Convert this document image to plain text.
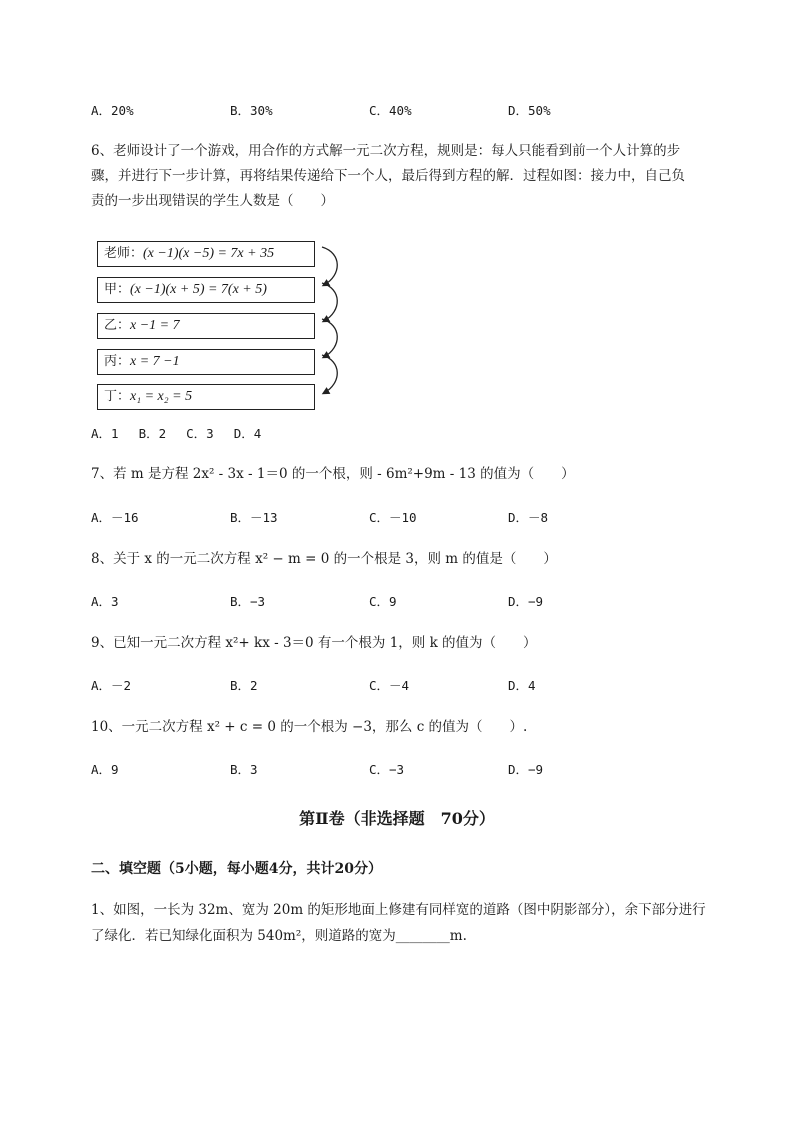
A．20%	B．30%	C．40%	D．50%
6、老师设计了一个游戏，用合作的方式解一元二次方程，规则是：每人只能看到前一个人计算的步
骤，并进行下一步计算，再将结果传递给下一个人，最后得到方程的解．过程如图：接力中，自己负
责的一步出现错误的学生人数是（　　）
老师：(x −1)(x −5) = 7x + 35
甲：(x −1)(x + 5) = 7(x + 5)
乙：x −1 = 7
丙：x = 7 −1
丁：x₁ = x₂ = 5
A．1　 B．2　 C．3　 D．4
7、若 m 是方程 2x² - 3x - 1＝0 的一个根，则 - 6m²+9m - 13 的值为（　　）
A．－16	B．－13	C．－10	D．－8
8、关于 x 的一元二次方程 x² − m = 0 的一个根是 3，则 m 的值是（　　）
A．3	B．−3	C．9	D．−9
9、已知一元二次方程 x²+ kx - 3＝0 有一个根为 1，则 k 的值为（　　）
A．－2	B．2	C．－4	D．4
10、一元二次方程 x² + c = 0 的一个根为 −3，那么 c 的值为（　　）.
A．9	B．3	C．−3	D．−9
第Ⅱ卷（非选择题　70分）
二、填空题（5小题，每小题4分，共计20分）
1、如图，一长为 32m、宽为 20m 的矩形地面上修建有同样宽的道路（图中阴影部分），余下部分进行
了绿化．若已知绿化面积为 540m²，则道路的宽为________m.
